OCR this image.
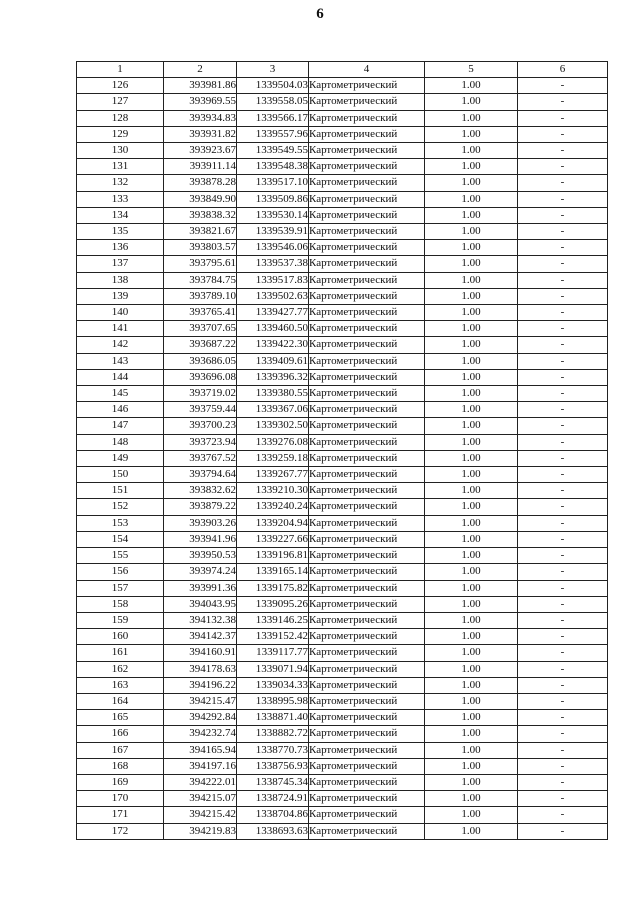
6
1	2	3	4	5	6
126	393981.86	1339504.03	Картометрический	1.00	-
127	393969.55	1339558.05	Картометрический	1.00	-
128	393934.83	1339566.17	Картометрический	1.00	-
129	393931.82	1339557.96	Картометрический	1.00	-
130	393923.67	1339549.55	Картометрический	1.00	-
131	393911.14	1339548.38	Картометрический	1.00	-
132	393878.28	1339517.10	Картометрический	1.00	-
133	393849.90	1339509.86	Картометрический	1.00	-
134	393838.32	1339530.14	Картометрический	1.00	-
135	393821.67	1339539.91	Картометрический	1.00	-
136	393803.57	1339546.06	Картометрический	1.00	-
137	393795.61	1339537.38	Картометрический	1.00	-
138	393784.75	1339517.83	Картометрический	1.00	-
139	393789.10	1339502.63	Картометрический	1.00	-
140	393765.41	1339427.77	Картометрический	1.00	-
141	393707.65	1339460.50	Картометрический	1.00	-
142	393687.22	1339422.30	Картометрический	1.00	-
143	393686.05	1339409.61	Картометрический	1.00	-
144	393696.08	1339396.32	Картометрический	1.00	-
145	393719.02	1339380.55	Картометрический	1.00	-
146	393759.44	1339367.06	Картометрический	1.00	-
147	393700.23	1339302.50	Картометрический	1.00	-
148	393723.94	1339276.08	Картометрический	1.00	-
149	393767.52	1339259.18	Картометрический	1.00	-
150	393794.64	1339267.77	Картометрический	1.00	-
151	393832.62	1339210.30	Картометрический	1.00	-
152	393879.22	1339240.24	Картометрический	1.00	-
153	393903.26	1339204.94	Картометрический	1.00	-
154	393941.96	1339227.66	Картометрический	1.00	-
155	393950.53	1339196.81	Картометрический	1.00	-
156	393974.24	1339165.14	Картометрический	1.00	-
157	393991.36	1339175.82	Картометрический	1.00	-
158	394043.95	1339095.26	Картометрический	1.00	-
159	394132.38	1339146.25	Картометрический	1.00	-
160	394142.37	1339152.42	Картометрический	1.00	-
161	394160.91	1339117.77	Картометрический	1.00	-
162	394178.63	1339071.94	Картометрический	1.00	-
163	394196.22	1339034.33	Картометрический	1.00	-
164	394215.47	1338995.98	Картометрический	1.00	-
165	394292.84	1338871.40	Картометрический	1.00	-
166	394232.74	1338882.72	Картометрический	1.00	-
167	394165.94	1338770.73	Картометрический	1.00	-
168	394197.16	1338756.93	Картометрический	1.00	-
169	394222.01	1338745.34	Картометрический	1.00	-
170	394215.07	1338724.91	Картометрический	1.00	-
171	394215.42	1338704.86	Картометрический	1.00	-
172	394219.83	1338693.63	Картометрический	1.00	-
